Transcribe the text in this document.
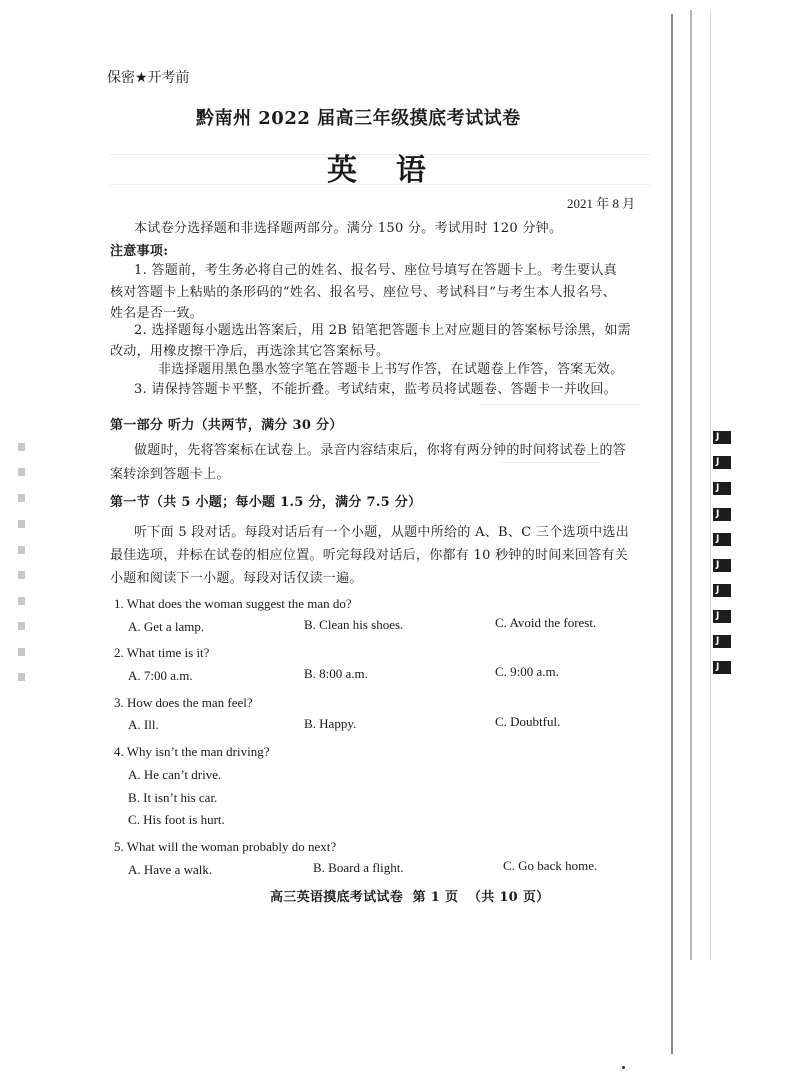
J
J
J
J
J
J
J
J
J
J
保密★开考前
黔南州 2022 届高三年级摸底考试试卷
英  语
2021 年 8 月
本试卷分选择题和非选择题两部分。满分 150 分。考试用时 120 分钟。
注意事项:
1. 答题前，考生务必将自己的姓名、报名号、座位号填写在答题卡上。考生要认真
核对答题卡上粘贴的条形码的“姓名、报名号、座位号、考试科目”与考生本人报名号、
姓名是否一致。
2. 选择题每小题选出答案后，用 2B 铅笔把答题卡上对应题目的答案标号涂黑，如需
改动，用橡皮擦干净后，再选涂其它答案标号。
非选择题用黑色墨水签字笔在答题卡上书写作答，在试题卷上作答，答案无效。
3. 请保持答题卡平整，不能折叠。考试结束，监考员将试题卷、答题卡一并收回。
第一部分 听力（共两节，满分 30 分）
做题时，先将答案标在试卷上。录音内容结束后，你将有两分钟的时间将试卷上的答
案转涂到答题卡上。
第一节（共 5 小题；每小题 1.5 分，满分 7.5 分）
听下面 5 段对话。每段对话后有一个小题，从题中所给的 A、B、C 三个选项中选出
最佳选项，并标在试卷的相应位置。听完每段对话后，你都有 10 秒钟的时间来回答有关
小题和阅读下一小题。每段对话仅读一遍。
1. What does the woman suggest the man do?
A. Get a lamp.	B. Clean his shoes.	C. Avoid the forest.
2. What time is it?
A. 7:00 a.m.	B. 8:00 a.m.	C. 9:00 a.m.
3. How does the man feel?
A. Ill.	B. Happy.	C. Doubtful.
4. Why isn’t the man driving?
A. He can’t drive.
B. It isn’t his car.
C. His foot is hurt.
5. What will the woman probably do next?
A. Have a walk.	B. Board a flight.	C. Go back home.
高三英语摸底考试试卷  第 1 页  （共 10 页）
